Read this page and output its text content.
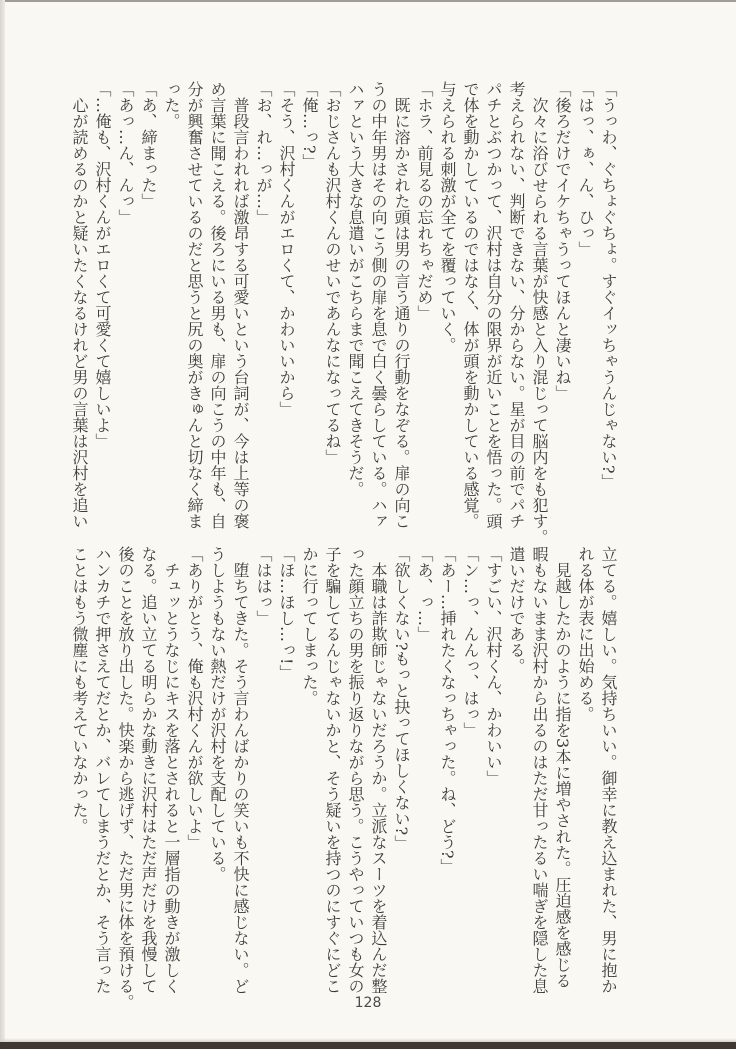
「うっわ、ぐちょぐちょ。すぐイッちゃうんじゃない?」
「はっ、ぁ、ん、ひっ」
「後ろだけでイケちゃうってほんと凄いね」
次々に浴びせられる言葉が快感と入り混じって脳内をも犯す。
考えられない、判断できない、分からない。星が目の前でパチ
パチとぶつかって、沢村は自分の限界が近いことを悟った。頭
で体を動かしているのではなく、体が頭を動かしている感覚。
与えられる刺激が全てを覆っていく。
「ホラ、前見るの忘れちゃだめ」
既に溶かされた頭は男の言う通りの行動をなぞる。扉の向こ
うの中年男はその向こう側の扉を息で白く曇らしている。ハァ
ハァという大きな息遣いがこちらまで聞こえてきそうだ。
「おじさんも沢村くんのせいであんなになってるね」
「俺…っ?」
「そう、沢村くんがエロくて、かわいいから」
「お、れ…っが…」
普段言われれば激昂する可愛いという台詞が、今は上等の褒
め言葉に聞こえる。後ろにいる男も、扉の向こうの中年も、自
分が興奮させているのだと思うと尻の奥がきゅんと切なく締ま
った。
「あ、締まった」
「あっ…ん、んっ」
「…俺も、沢村くんがエロくて可愛くて嬉しいよ」
心が読めるのかと疑いたくなるけれど男の言葉は沢村を追い
立てる。嬉しい。気持ちいい。御幸に教え込まれた、男に抱か
れる体が表に出始める。
見越したかのように指を3本に増やされた。圧迫感を感じる
暇もないまま沢村から出るのはただ甘ったるい喘ぎを隠した息
遣いだけである。
「すごい、沢村くん、かわいい」
「ン…っ、んんっ、はっ」
「あー…挿れたくなっちゃった。ね、どう?」
「あ、っ…」
「欲しくない?もっと抉ってほしくない?」
本職は詐欺師じゃないだろうか。立派なスーツを着込んだ整
った顔立ちの男を振り返りながら思う。こうやっていつも女の
子を騙してるんじゃないかと、そう疑いを持つのにすぐにどこ
かに行ってしまった。
「ほ…ほし…っ!」
「ははっ」
堕ちてきた。そう言わんばかりの笑いも不快に感じない。ど
うしようもない熱だけが沢村を支配している。
「ありがとう、俺も沢村くんが欲しいよ」
チュッとうなじにキスを落とされると一層指の動きが激しく
なる。追い立てる明らかな動きに沢村はただ声だけを我慢して
後のことを放り出した。快楽から逃げず、ただ男に体を預ける。
ハンカチで押さえてだとか、バレてしまうだとか、そう言った
ことはもう微塵にも考えていなかった。
128
